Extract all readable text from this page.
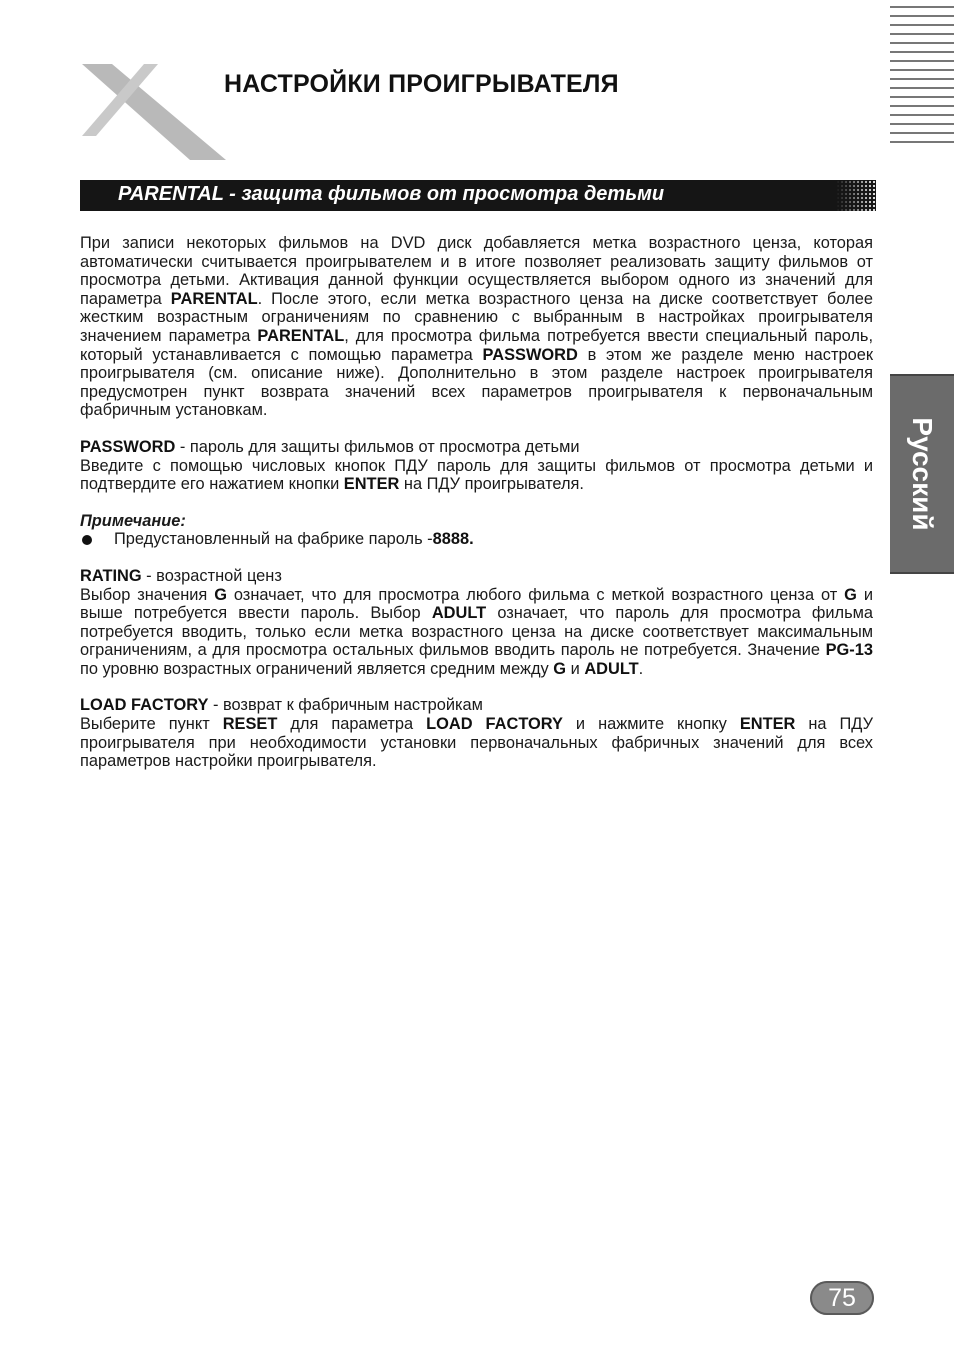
НАСТРОЙКИ ПРОИГРЫВАТЕЛЯ
PARENTAL - защита фильмов от просмотра детьми
Русский

При записи некоторых фильмов на DVD диск добавляется метка возрастного ценза, которая автоматически считывается проигрывателем и в итоге позволяет реализовать защиту фильмов от просмотра детьми. Активация данной функции осуществляется выбором одного из значений для параметра PARENTAL. После этого, если метка возрастного ценза на диске соответствует более жестким возрастным ограничениям по сравнению с выбранным в настройках проигрывателя значением параметра PARENTAL, для просмотра фильма потребуется ввести специальный пароль, который устанавливается с помощью параметра PASSWORD в этом же разделе меню настроек проигрывателя (см. описание ниже). Дополнительно в этом разделе настроек проигрывателя предусмотрен пункт возврата значений всех параметров проигрывателя к первоначальным фабричным установкам.

PASSWORD - пароль для защиты фильмов от просмотра детьми

Введите с помощью числовых кнопок ПДУ пароль для защиты фильмов от просмотра детьми и подтвердите его нажатием кнопки ENTER на ПДУ проигрывателя.

Примечание:

Предустановленный на фабрике пароль - 8888.

RATING - возрастной ценз

Выбор значения G означает, что для просмотра любого фильма с меткой возрастного ценза от G и выше потребуется ввести пароль. Выбор ADULT означает, что пароль для просмотра фильма потребуется вводить, только если метка возрастного ценза на диске соответствует максимальным ограничениям, а для просмотра остальных фильмов вводить пароль не потребуется. Значение PG-13 по уровню возрастных ограничений является средним между G и ADULT.

LOAD FACTORY - возврат к фабричным настройкам

Выберите пункт RESET для параметра LOAD FACTORY и нажмите кнопку ENTER на ПДУ проигрывателя при необходимости установки первоначальных фабричных значений для всех параметров настройки проигрывателя.

75
